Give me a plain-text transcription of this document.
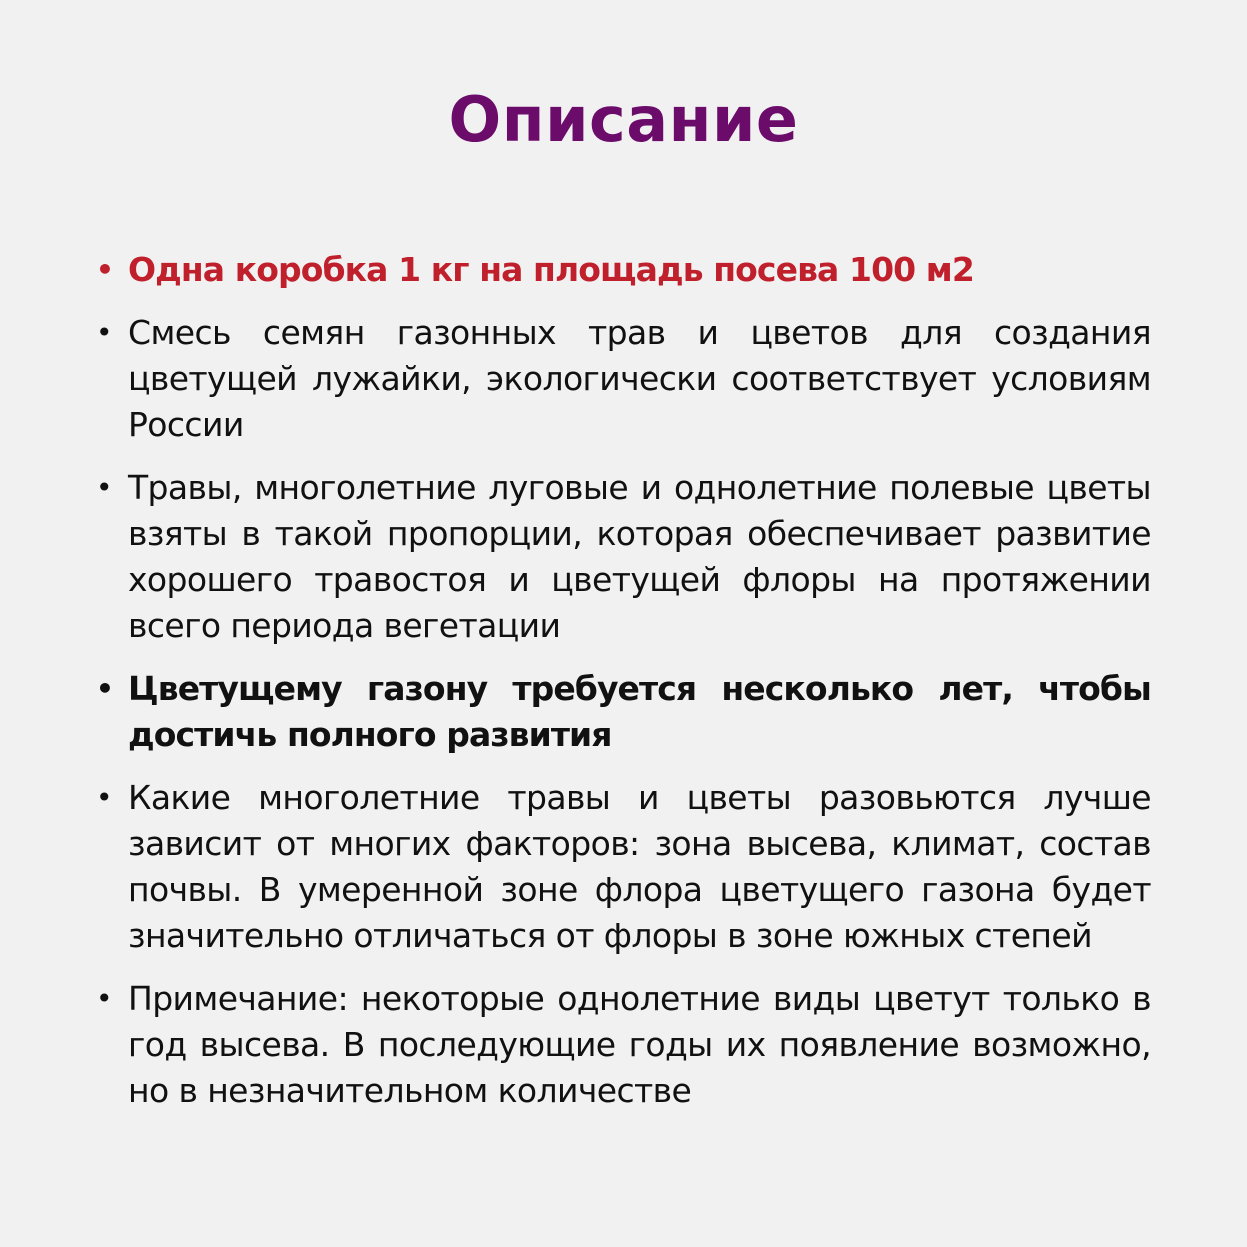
Описание
• Одна коробка 1 кг на площадь посева 100 м2
• Смесь семян газонных трав и цветов для создания цветущей лужайки, экологически соответствует условиям России
• Травы, многолетние луговые и однолетние полевые цветы взяты в такой пропорции, которая обеспечивает развитие хорошего травостоя и цветущей флоры на протяжении всего периода вегетации
• Цветущему газону требуется несколько лет, чтобы достичь полного развития
• Какие многолетние травы и цветы разовьются лучше зависит от многих факторов: зона высева, климат, состав почвы. В умеренной зоне флора цветущего газона будет значительно отличаться от флоры в зоне южных степей
• Примечание: некоторые однолетние виды цветут только в год высева. В последующие годы их появление возможно, но в незначительном количестве
